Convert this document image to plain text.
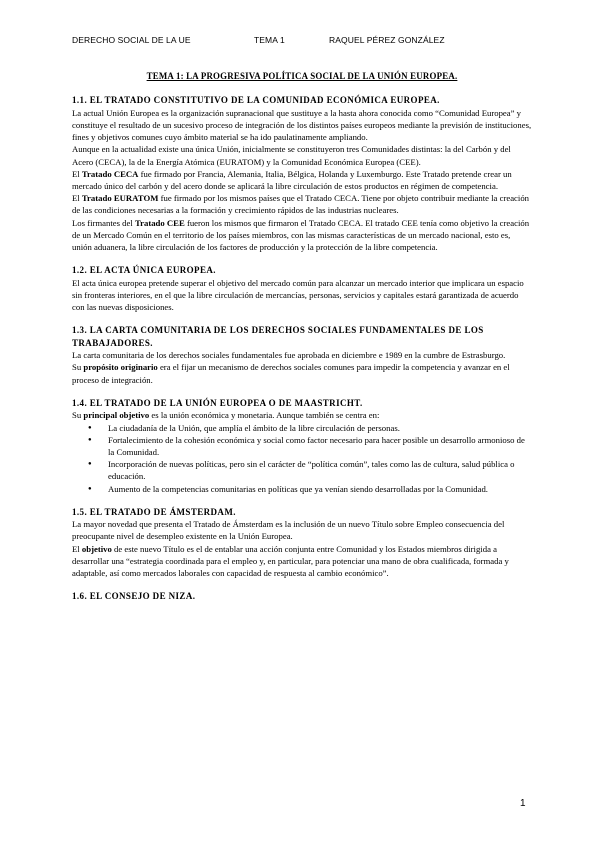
DERECHO SOCIAL DE LA UE	TEMA 1	RAQUEL PÉREZ GONZÁLEZ
TEMA 1: LA PROGRESIVA POLÍTICA SOCIAL DE LA UNIÓN EUROPEA.
1.1. EL TRATADO CONSTITUTIVO DE LA COMUNIDAD ECONÓMICA EUROPEA.

La actual Unión Europea es la organización supranacional que sustituye a la hasta ahora conocida como “Comunidad Europea” y constituye el resultado de un sucesivo proceso de integración de los distintos países europeos mediante la previsión de instituciones, fines y objetivos comunes cuyo ámbito material se ha ido paulatinamente ampliando.

Aunque en la actualidad existe una única Unión, inicialmente se constituyeron tres Comunidades distintas: la del Carbón y del Acero (CECA), la de la Energía Atómica (EURATOM) y la Comunidad Económica Europea (CEE).

El Tratado CECA fue firmado por Francia, Alemania, Italia, Bélgica, Holanda y Luxemburgo. Este Tratado pretende crear un mercado único del carbón y del acero donde se aplicará la libre circulación de estos productos en régimen de competencia.

El Tratado EURATOM fue firmado por los mismos países que el Tratado CECA. Tiene por objeto contribuir mediante la creación de las condiciones necesarias a la formación y crecimiento rápidos de las industrias nucleares.

Los firmantes del Tratado CEE fueron los mismos que firmaron el Tratado CECA. El tratado CEE tenía como objetivo la creación de un Mercado Común en el territorio de los países miembros, con las mismas características de un mercado nacional, esto es, unión aduanera, la libre circulación de los factores de producción y la protección de la libre competencia.

1.2. EL ACTA ÚNICA EUROPEA.

El acta única europea pretende superar el objetivo del mercado común para alcanzar un mercado interior que implicara un espacio sin fronteras interiores, en el que la libre circulación de mercancías, personas, servicios y capitales estará garantizada de acuerdo con las nuevas disposiciones.

1.3. LA CARTA COMUNITARIA DE LOS DERECHOS SOCIALES FUNDAMENTALES DE LOS TRABAJADORES.

La carta comunitaria de los derechos sociales fundamentales fue aprobada en diciembre e 1989 en la cumbre de Estrasburgo.

Su propósito originario era el fijar un mecanismo de derechos sociales comunes para impedir la competencia y avanzar en el proceso de integración.

1.4. EL TRATADO DE LA UNIÓN EUROPEA O DE MAASTRICHT.

Su principal objetivo es la unión económica y monetaria. Aunque también se centra en:

● La ciudadanía de la Unión, que amplía el ámbito de la libre circulación de personas.
● Fortalecimiento de la cohesión económica y social como factor necesario para hacer posible un desarrollo armonioso de la Comunidad.
● Incorporación de nuevas políticas, pero sin el carácter de “política común”, tales como las de cultura, salud pública o educación.
● Aumento de la competencias comunitarias en políticas que ya venían siendo desarrolladas por la Comunidad.
1.5. EL TRATADO DE ÁMSTERDAM.

La mayor novedad que presenta el Tratado de Ámsterdam es la inclusión de un nuevo Título sobre Empleo consecuencia del preocupante nivel de desempleo existente en la Unión Europea.

El objetivo de este nuevo Título es el de entablar una acción conjunta entre Comunidad y los Estados miembros dirigida a desarrollar una “estrategia coordinada para el empleo y, en particular, para potenciar una mano de obra cualificada, formada y adaptable, así como mercados laborales con capacidad de respuesta al cambio económico”.

1.6. EL CONSEJO DE NIZA.
1
